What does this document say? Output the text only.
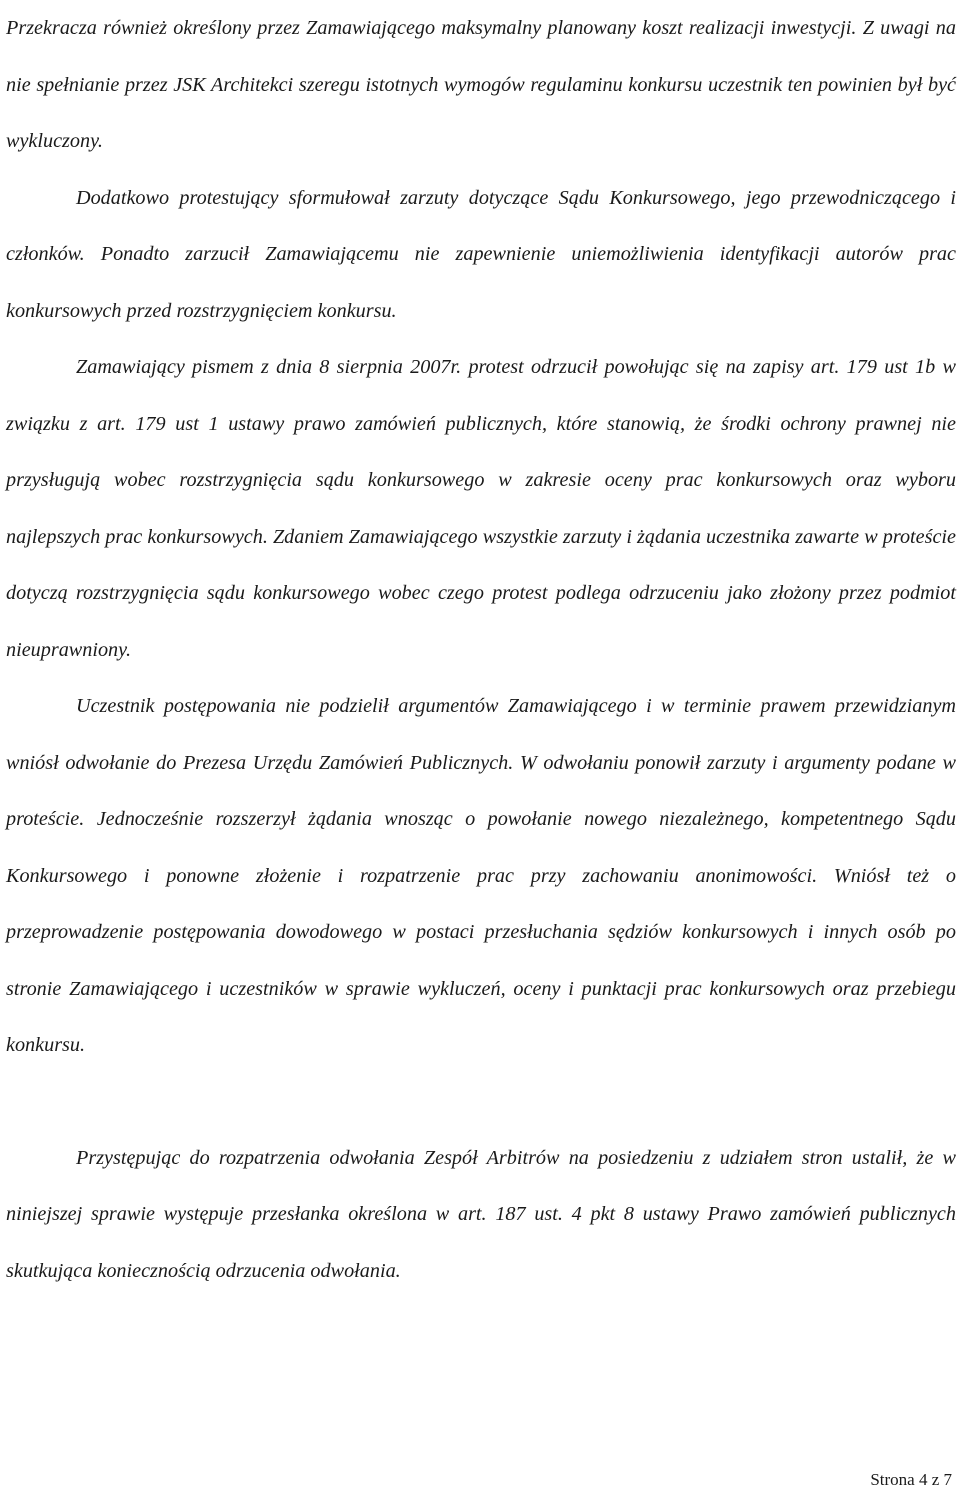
Przekracza również określony przez Zamawiającego maksymalny planowany koszt realizacji inwestycji. Z uwagi na nie spełnianie przez JSK Architekci szeregu istotnych wymogów regulaminu konkursu uczestnik ten powinien był być wykluczony.

Dodatkowo protestujący sformułował zarzuty dotyczące Sądu Konkursowego, jego przewodniczącego i członków. Ponadto zarzucił Zamawiającemu nie zapewnienie uniemożliwienia identyfikacji autorów prac konkursowych przed rozstrzygnięciem konkursu.

Zamawiający pismem z dnia 8 sierpnia 2007r. protest odrzucił powołując się na zapisy art. 179 ust 1b w związku z art. 179 ust 1 ustawy prawo zamówień publicznych, które stanowią, że środki ochrony prawnej nie przysługują wobec rozstrzygnięcia sądu konkursowego w zakresie oceny prac konkursowych oraz wyboru najlepszych prac konkursowych. Zdaniem Zamawiającego wszystkie zarzuty i żądania uczestnika zawarte w proteście dotyczą rozstrzygnięcia sądu konkursowego wobec czego protest podlega odrzuceniu jako złożony przez podmiot nieuprawniony.

Uczestnik postępowania nie podzielił argumentów Zamawiającego i w terminie prawem przewidzianym wniósł odwołanie do Prezesa Urzędu Zamówień Publicznych. W odwołaniu ponowił zarzuty i argumenty podane w proteście. Jednocześnie rozszerzył żądania wnosząc o powołanie nowego niezależnego, kompetentnego Sądu Konkursowego i ponowne złożenie i rozpatrzenie prac przy zachowaniu anonimowości. Wniósł też o przeprowadzenie postępowania dowodowego w postaci przesłuchania sędziów konkursowych i innych osób po stronie Zamawiającego i uczestników w sprawie wykluczeń, oceny i punktacji prac konkursowych oraz przebiegu konkursu.

Przystępując do rozpatrzenia odwołania Zespół Arbitrów na posiedzeniu z udziałem stron ustalił, że w niniejszej sprawie występuje przesłanka określona w art. 187 ust. 4 pkt 8 ustawy Prawo zamówień publicznych skutkująca koniecznością odrzucenia odwołania.

Strona 4 z 7
